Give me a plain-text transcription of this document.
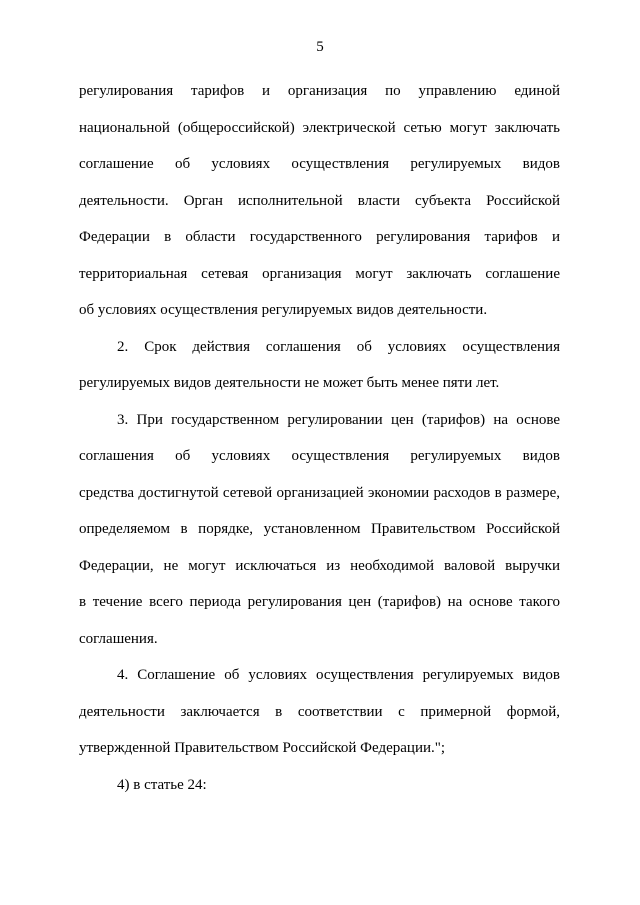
5
регулирования тарифов и организация по управлению единой
национальной (общероссийской) электрической сетью могут заключать
соглашение об условиях осуществления регулируемых видов
деятельности. Орган исполнительной власти субъекта Российской
Федерации в области государственного регулирования тарифов и
территориальная сетевая организация могут заключать соглашение
об условиях осуществления регулируемых видов деятельности.
2. Срок действия соглашения об условиях осуществления
регулируемых видов деятельности не может быть менее пяти лет.
3. При государственном регулировании цен (тарифов) на основе
соглашения об условиях осуществления регулируемых видов
средства достигнутой сетевой организацией экономии расходов в размере,
определяемом в порядке, установленном Правительством Российской
Федерации, не могут исключаться из необходимой валовой выручки
в течение всего периода регулирования цен (тарифов) на основе такого
соглашения.
4. Соглашение об условиях осуществления регулируемых видов
деятельности заключается в соответствии с примерной формой,
утвержденной Правительством Российской Федерации.";
4) в статье 24:
